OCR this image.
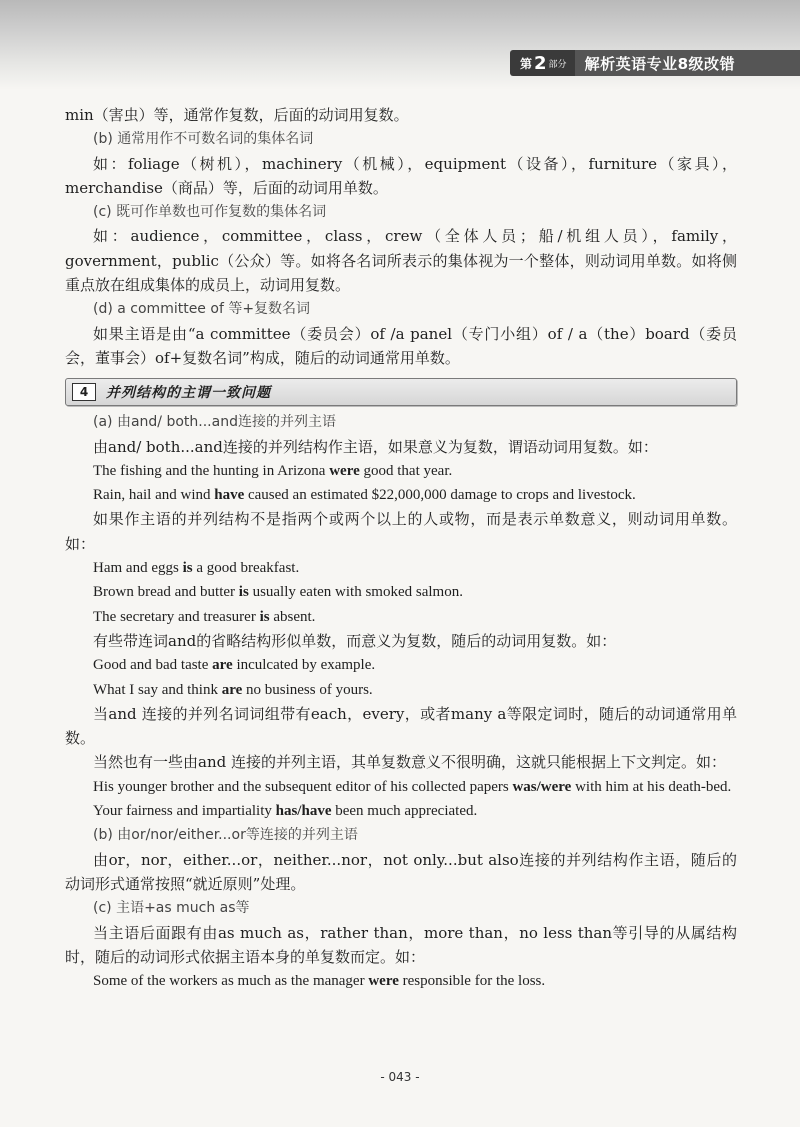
第 2 部分	解析英语专业8级改错

min（害虫）等，通常作复数，后面的动词用复数。

(b) 通常用作不可数名词的集体名词

如：foliage（树机），machinery（机械），equipment（设备），furniture（家具），merchandise（商品）等，后面的动词用单数。

(c) 既可作单数也可作复数的集体名词

如：audience，committee，class，crew（全体人员；船/机组人员），family，government，public（公众）等。如将各名词所表示的集体视为一个整体，则动词用单数。如将侧重点放在组成集体的成员上，动词用复数。

(d) a committee of 等+复数名词

如果主语是由“a committee（委员会）of /a panel（专门小组）of / a（the）board（委员会，董事会）of+复数名词”构成，随后的动词通常用单数。

4	并列结构的主谓一致问题
(a) 由and/ both...and连接的并列主语

由and/ both...and连接的并列结构作主语，如果意义为复数，谓语动词用复数。如：

The fishing and the hunting in Arizona were good that year.
Rain, hail and wind have caused an estimated $22,000,000 damage to crops and livestock.

如果作主语的并列结构不是指两个或两个以上的人或物，而是表示单数意义，则动词用单数。如：

Ham and eggs is a good breakfast.
Brown bread and butter is usually eaten with smoked salmon.
The secretary and treasurer is absent.

有些带连词and的省略结构形似单数，而意义为复数，随后的动词用复数。如：

Good and bad taste are inculcated by example.
What I say and think are no business of yours.

当and 连接的并列名词词组带有each，every，或者many a等限定词时，随后的动词通常用单数。

当然也有一些由and 连接的并列主语，其单复数意义不很明确，这就只能根据上下文判定。如：

His younger brother and the subsequent editor of his collected papers was/were with him at his death-bed.
Your fairness and impartiality has/have been much appreciated.
(b) 由or/nor/either...or等连接的并列主语

由or，nor，either...or，neither...nor，not only...but also连接的并列结构作主语，随后的动词形式通常按照“就近原则”处理。

(c) 主语+as much as等

当主语后面跟有由as much as，rather than，more than，no less than等引导的从属结构时，随后的动词形式依据主语本身的单复数而定。如：

Some of the workers as much as the manager were responsible for the loss.
- 043 -
